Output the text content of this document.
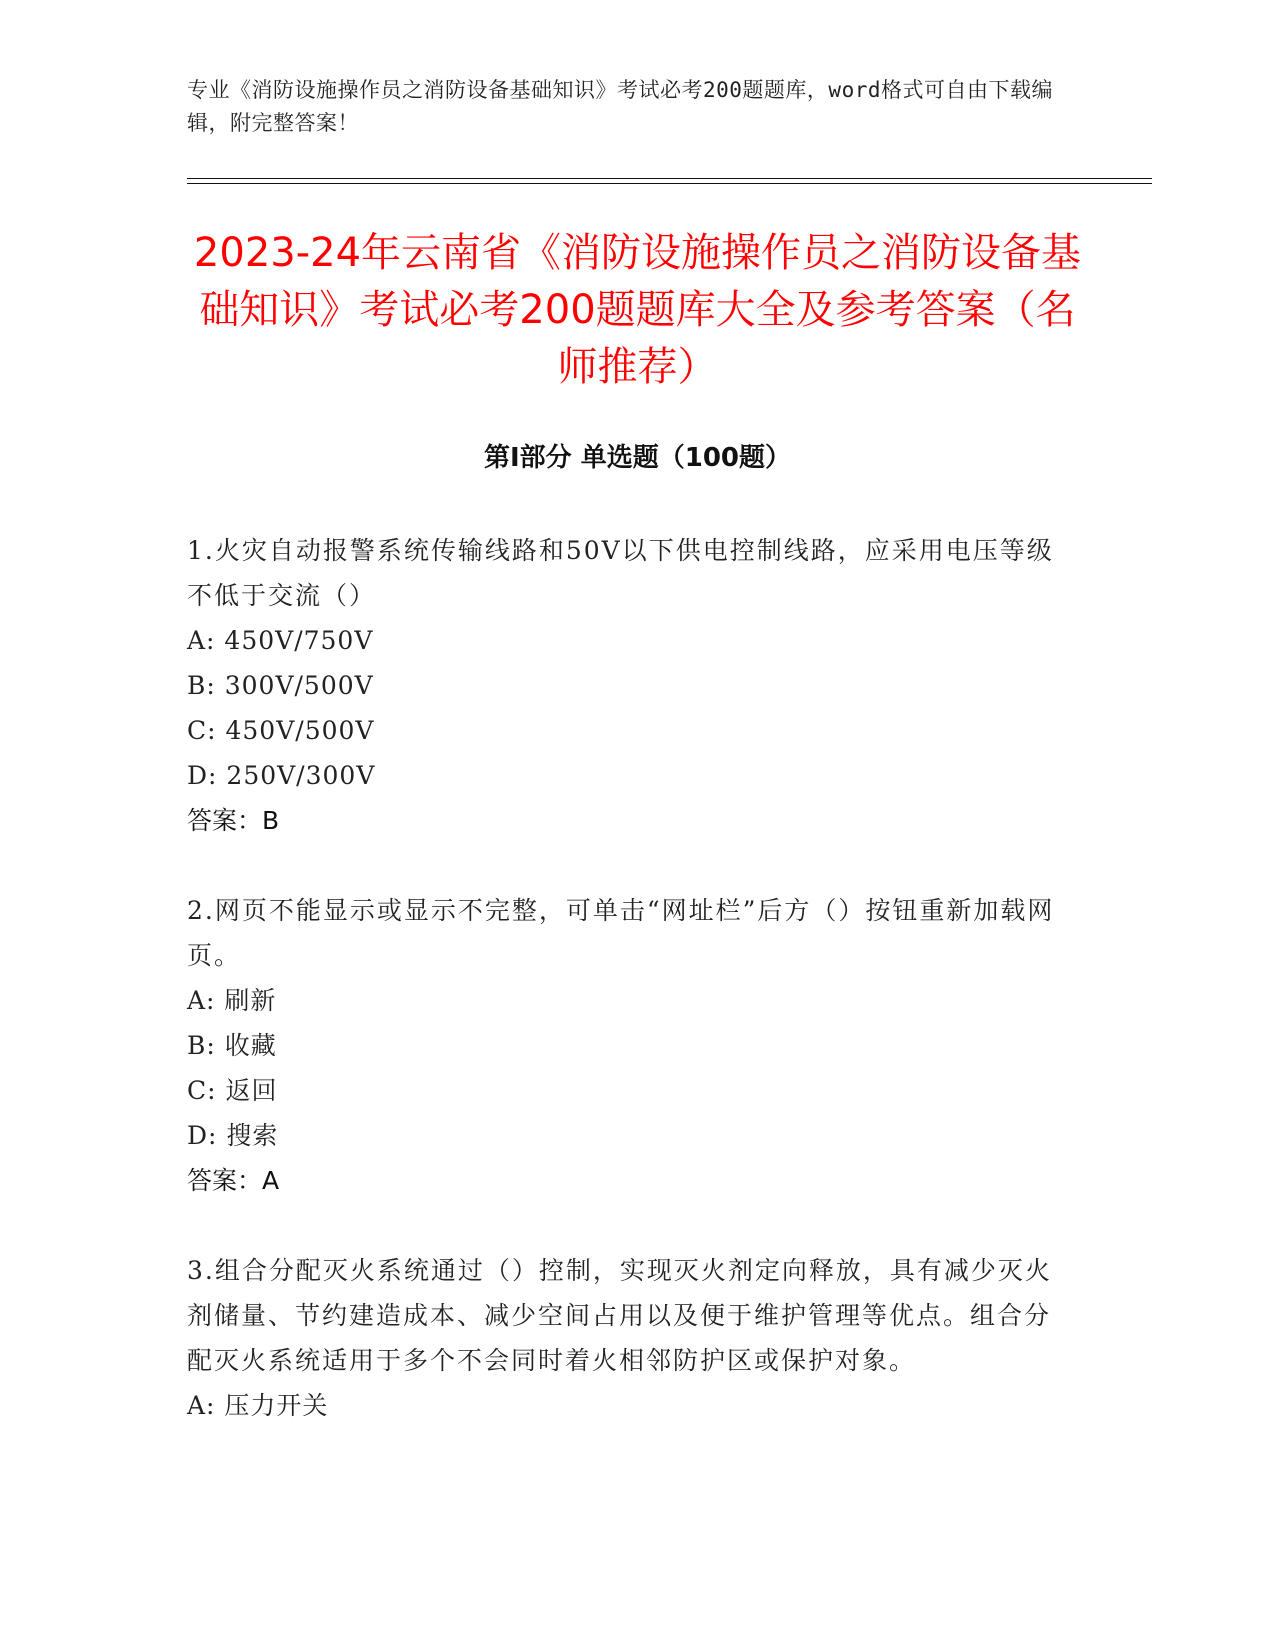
专业《消防设施操作员之消防设备基础知识》考试必考200题题库，word格式可自由下载编辑，附完整答案！
2023-24年云南省《消防设施操作员之消防设备基础知识》考试必考200题题库大全及参考答案（名师推荐）
第I部分 单选题（100题）
1.火灾自动报警系统传输线路和50V以下供电控制线路，应采用电压等级不低于交流（）
A: 450V/750V
B: 300V/500V
C: 450V/500V
D: 250V/300V
答案：B
2.网页不能显示或显示不完整，可单击“网址栏”后方（）按钮重新加载网页。
A: 刷新
B: 收藏
C: 返回
D: 搜索
答案：A
3.组合分配灭火系统通过（）控制，实现灭火剂定向释放，具有减少灭火剂储量、节约建造成本、减少空间占用以及便于维护管理等优点。组合分配灭火系统适用于多个不会同时着火相邻防护区或保护对象。
A: 压力开关
